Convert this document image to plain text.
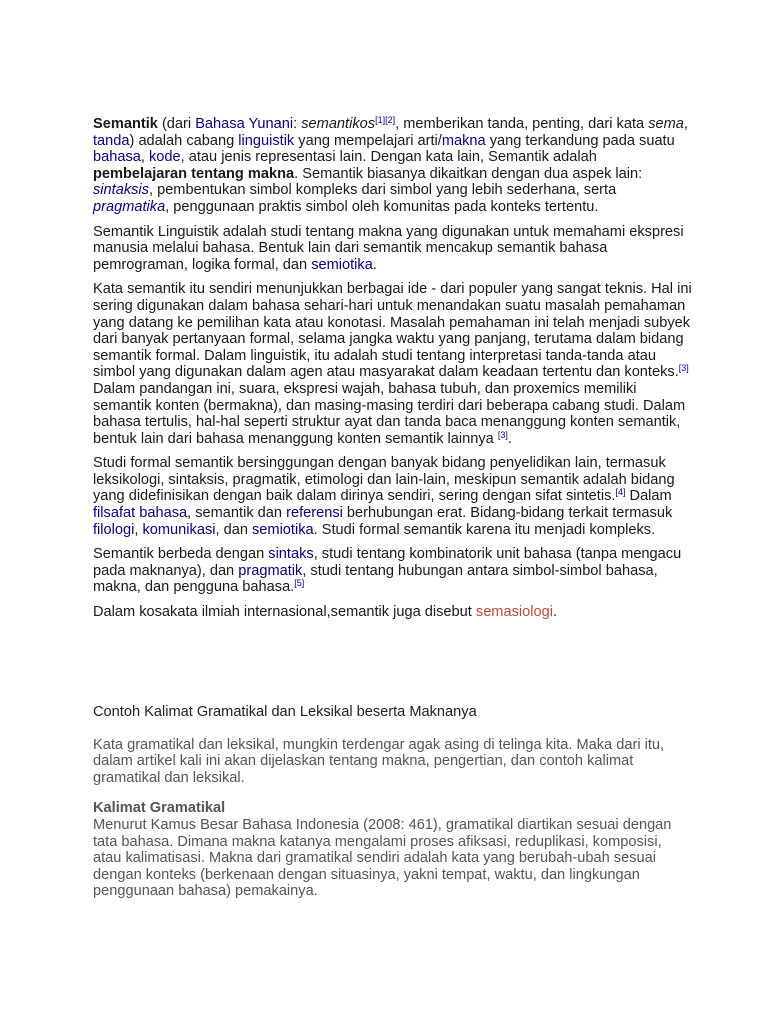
Semantik (dari Bahasa Yunani: semantikos[1][2], memberikan tanda, penting, dari kata sema, tanda) adalah cabang linguistik yang mempelajari arti/makna yang terkandung pada suatu bahasa, kode, atau jenis representasi lain. Dengan kata lain, Semantik adalah pembelajaran tentang makna. Semantik biasanya dikaitkan dengan dua aspek lain: sintaksis, pembentukan simbol kompleks dari simbol yang lebih sederhana, serta pragmatika, penggunaan praktis simbol oleh komunitas pada konteks tertentu.

Semantik Linguistik adalah studi tentang makna yang digunakan untuk memahami ekspresi manusia melalui bahasa. Bentuk lain dari semantik mencakup semantik bahasa pemrograman, logika formal, dan semiotika.

Kata semantik itu sendiri menunjukkan berbagai ide - dari populer yang sangat teknis. Hal ini sering digunakan dalam bahasa sehari-hari untuk menandakan suatu masalah pemahaman yang datang ke pemilihan kata atau konotasi. Masalah pemahaman ini telah menjadi subyek dari banyak pertanyaan formal, selama jangka waktu yang panjang, terutama dalam bidang semantik formal. Dalam linguistik, itu adalah studi tentang interpretasi tanda-tanda atau simbol yang digunakan dalam agen atau masyarakat dalam keadaan tertentu dan konteks.[3] Dalam pandangan ini, suara, ekspresi wajah, bahasa tubuh, dan proxemics memiliki semantik konten (bermakna), dan masing-masing terdiri dari beberapa cabang studi. Dalam bahasa tertulis, hal-hal seperti struktur ayat dan tanda baca menanggung konten semantik, bentuk lain dari bahasa menanggung konten semantik lainnya [3].

Studi formal semantik bersinggungan dengan banyak bidang penyelidikan lain, termasuk leksikologi, sintaksis, pragmatik, etimologi dan lain-lain, meskipun semantik adalah bidang yang didefinisikan dengan baik dalam dirinya sendiri, sering dengan sifat sintetis.[4] Dalam filsafat bahasa, semantik dan referensi berhubungan erat. Bidang-bidang terkait termasuk filologi, komunikasi, dan semiotika. Studi formal semantik karena itu menjadi kompleks.

Semantik berbeda dengan sintaks, studi tentang kombinatorik unit bahasa (tanpa mengacu pada maknanya), dan pragmatik, studi tentang hubungan antara simbol-simbol bahasa, makna, dan pengguna bahasa.[5]

Dalam kosakata ilmiah internasional,semantik juga disebut semasiologi.

Contoh Kalimat Gramatikal dan Leksikal beserta Maknanya

Kata gramatikal dan leksikal, mungkin terdengar agak asing di telinga kita. Maka dari itu, dalam artikel kali ini akan dijelaskan tentang makna, pengertian, dan contoh kalimat gramatikal dan leksikal.

Kalimat Gramatikal

Menurut Kamus Besar Bahasa Indonesia (2008: 461), gramatikal diartikan sesuai dengan tata bahasa. Dimana makna katanya mengalami proses afiksasi, reduplikasi, komposisi, atau kalimatisasi. Makna dari gramatikal sendiri adalah kata yang berubah-ubah sesuai dengan konteks (berkenaan dengan situasinya, yakni tempat, waktu, dan lingkungan penggunaan bahasa) pemakainya.
